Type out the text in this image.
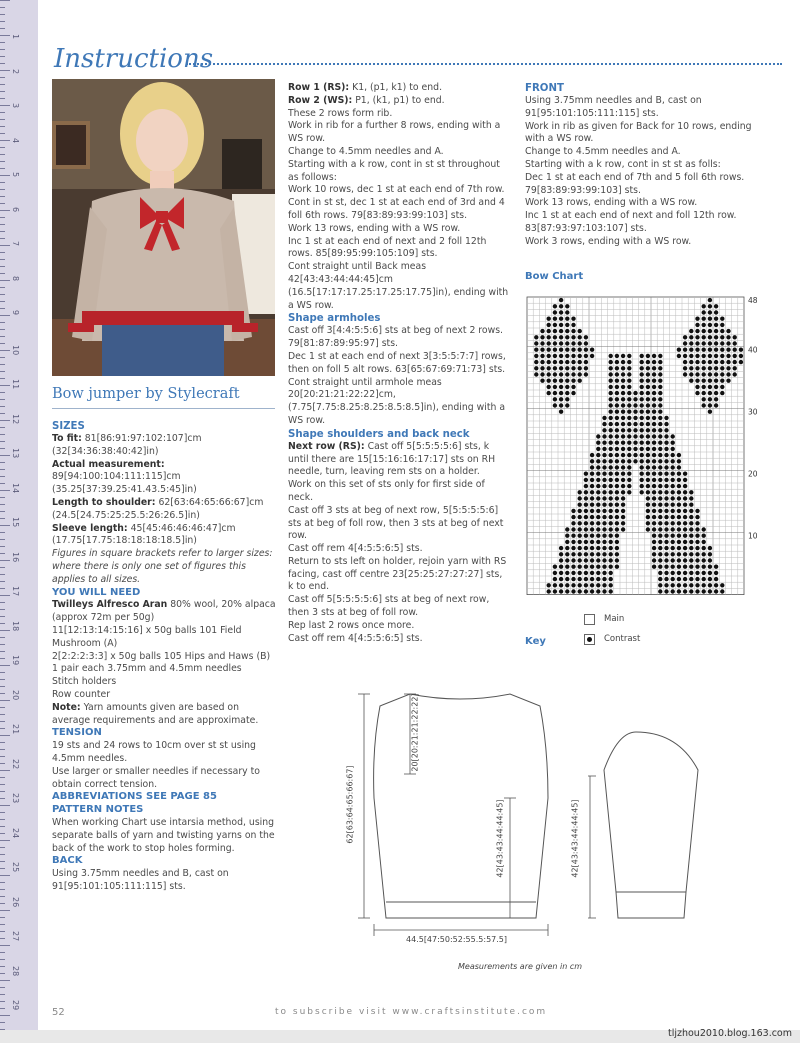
1
2
3
4
5
6
7
8
9
10
11
12
13
14
15
16
17
18
19
20
21
22
23
24
25
26
27
28
29
Instructions
Bow jumper by Stylecraft

SIZES

To fit: 81[86:91:97:102:107]cm (32[34:36:38:40:42]in)

Actual measurement: 89[94:100:104:111:115]cm (35.25[37:39.25:41.43.5:45]in)

Length to shoulder: 62[63:64:65:66:67]cm (24.5[24.75:25:25.5:26:26.5]in)

Sleeve length: 45[45:46:46:46:47]cm (17.75[17.75:18:18:18:18.5]in)

Figures in square brackets refer to larger sizes: where there is only one set of figures this applies to all sizes.

YOU WILL NEED

Twilleys Alfresco Aran 80% wool, 20% alpaca (approx 72m per 50g)

11[12:13:14:15:16] x 50g balls 101 Field Mushroom (A)

2[2:2:2:3:3] x 50g balls 105 Hips and Haws (B)

1 pair each 3.75mm and 4.5mm needles

Stitch holders

Row counter

Note: Yarn amounts given are based on average requirements and are approximate.

TENSION

19 sts and 24 rows to 10cm over st st using 4.5mm needles.

Use larger or smaller needles if necessary to obtain correct tension.

ABBREVIATIONS SEE PAGE 85

PATTERN NOTES

When working Chart use intarsia method, using separate balls of yarn and twisting yarns on the back of the work to stop holes forming.

BACK

Using 3.75mm needles and B, cast on 91[95:101:105:111:115] sts.

Row 1 (RS): K1, (p1, k1) to end.

Row 2 (WS): P1, (k1, p1) to end.

These 2 rows form rib.

Work in rib for a further 8 rows, ending with a WS row.

Change to 4.5mm needles and A.

Starting with a k row, cont in st st throughout as follows:

Work 10 rows, dec 1 st at each end of 7th row.

Cont in st st, dec 1 st at each end of 3rd and 4 foll 6th rows. 79[83:89:93:99:103] sts.

Work 13 rows, ending with a WS row.

Inc 1 st at each end of next and 2 foll 12th rows. 85[89:95:99:105:109] sts.

Cont straight until Back meas 42[43:43:44:44:45]cm (16.5[17:17:17.25:17.25:17.75]in), ending with a WS row.

Shape armholes

Cast off 3[4:4:5:5:6] sts at beg of next 2 rows. 79[81:87:89:95:97] sts.

Dec 1 st at each end of next 3[3:5:5:7:7] rows, then on foll 5 alt rows. 63[65:67:69:71:73] sts.

Cont straight until armhole meas 20[20:21:21:22:22]cm, (7.75[7.75:8.25:8.25:8.5:8.5]in), ending with a WS row.

Shape shoulders and back neck

Next row (RS): Cast off 5[5:5:5:5:6] sts, k until there are 15[15:16:16:17:17] sts on RH needle, turn, leaving rem sts on a holder.

Work on this set of sts only for first side of neck.

Cast off 3 sts at beg of next row, 5[5:5:5:5:6] sts at beg of foll row, then 3 sts at beg of next row.

Cast off rem 4[4:5:5:6:5] sts.

Return to sts left on holder, rejoin yarn with RS facing, cast off centre 23[25:25:27:27:27] sts, k to end.

Cast off 5[5:5:5:5:6] sts at beg of next row, then 3 sts at beg of foll row.

Rep last 2 rows once more.

Cast off rem 4[4:5:5:6:5] sts.

FRONT

Using 3.75mm needles and B, cast on 91[95:101:105:111:115] sts.

Work in rib as given for Back for 10 rows, ending with a WS row.

Change to 4.5mm needles and A.

Starting with a k row, cont in st st as folls:

Dec 1 st at each end of 7th and 5 foll 6th rows. 79[83:89:93:99:103] sts.

Work 13 rows, ending with a WS row.

Inc 1 st at each end of next and foll 12th row. 83[87:93:97:103:107] sts.

Work 3 rows, ending with a WS row.

Bow Chart
48
40
30
20
10
Key
Main
Contrast
20[20:21:21:22:22]
62[63:64:65:66:67]	42[43:43:44:44:45]
44.5[47:50:52:55.5:57.5]
42[43:43:44:44:45]
Measurements are given in cm
52	to subscribe visit www.craftsinstitute.com
tljzhou2010.blog.163.com
